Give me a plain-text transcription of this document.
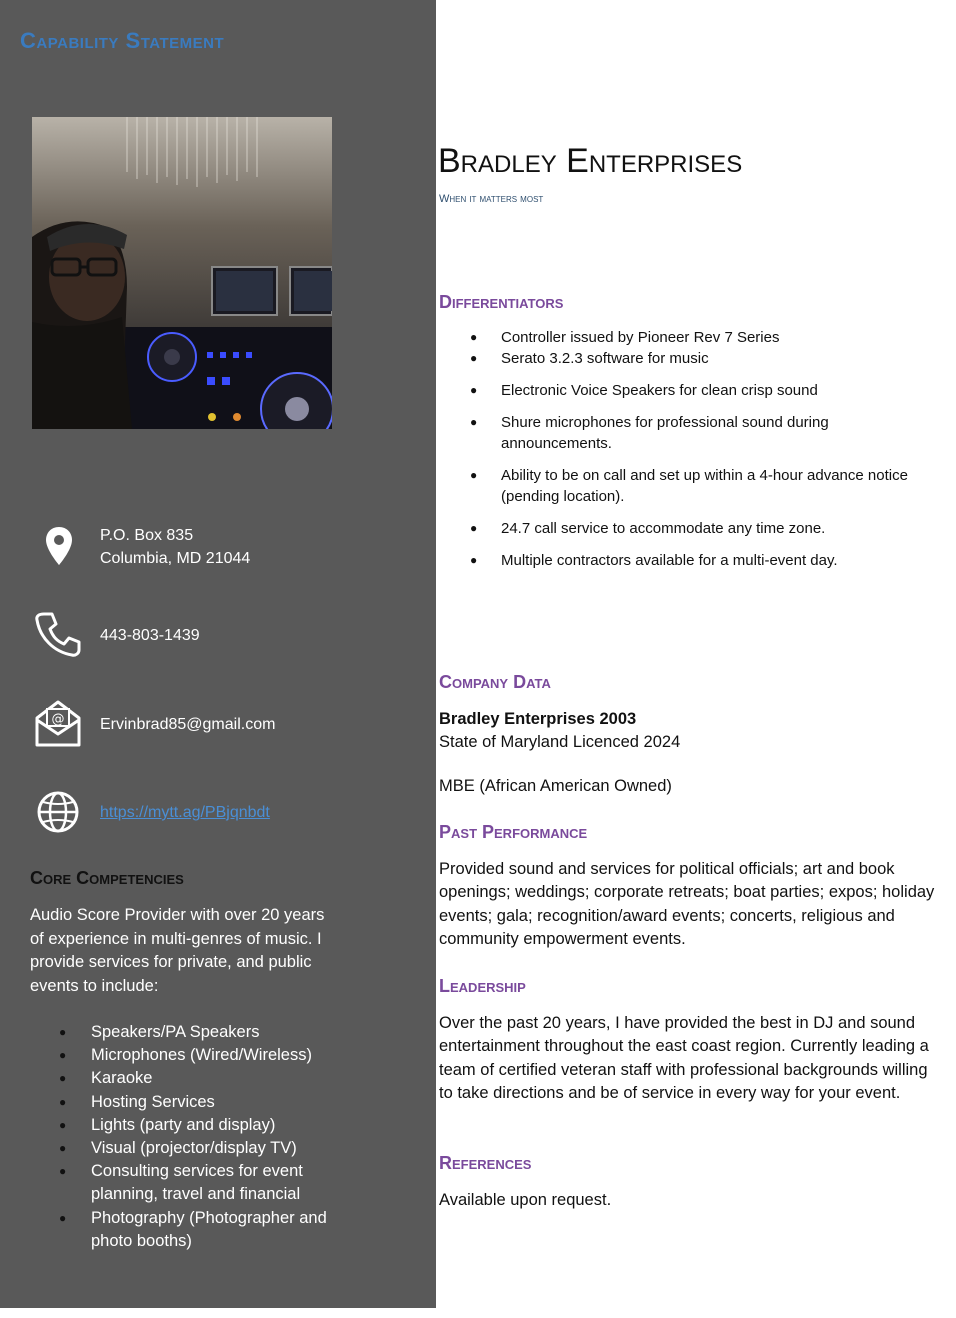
Capability Statement
P.O. Box 835
Columbia, MD 21044
443-803-1439
@ Ervinbrad85@gmail.com
https://mytt.ag/PBjqnbdt
Core Competencies

Audio Score Provider with over 20 years of experience in multi-genres of music. I provide services for private, and public events to include:

● Speakers/PA Speakers
● Microphones (Wired/Wireless)
● Karaoke
● Hosting Services
● Lights (party and display)
● Visual (projector/display TV)
● Consulting services for event planning, travel and financial
● Photography (Photographer and photo booths)
Bradley Enterprises
When it matters most
Differentiators
● Controller issued by Pioneer Rev 7 Series
● Serato 3.2.3 software for music
● Electronic Voice Speakers for clean crisp sound
● Shure microphones for professional sound during announcements.
● Ability to be on call and set up within a 4-hour advance notice (pending location).
● 24.7 call service to accommodate any time zone.
● Multiple contractors available for a multi-event day.
Company Data
Bradley Enterprises 2003
State of Maryland Licenced 2024
MBE (African American Owned)
Past Performance

Provided sound and services for political officials; art and book openings; weddings; corporate retreats; boat parties; expos; holiday events; gala; recognition/award events; concerts, religious and community empowerment events.

Leadership

Over the past 20 years, I have provided the best in DJ and sound entertainment throughout the east coast region. Currently leading a team of certified veteran staff with professional backgrounds willing to take directions and be of service in every way for your event.

References

Available upon request.
